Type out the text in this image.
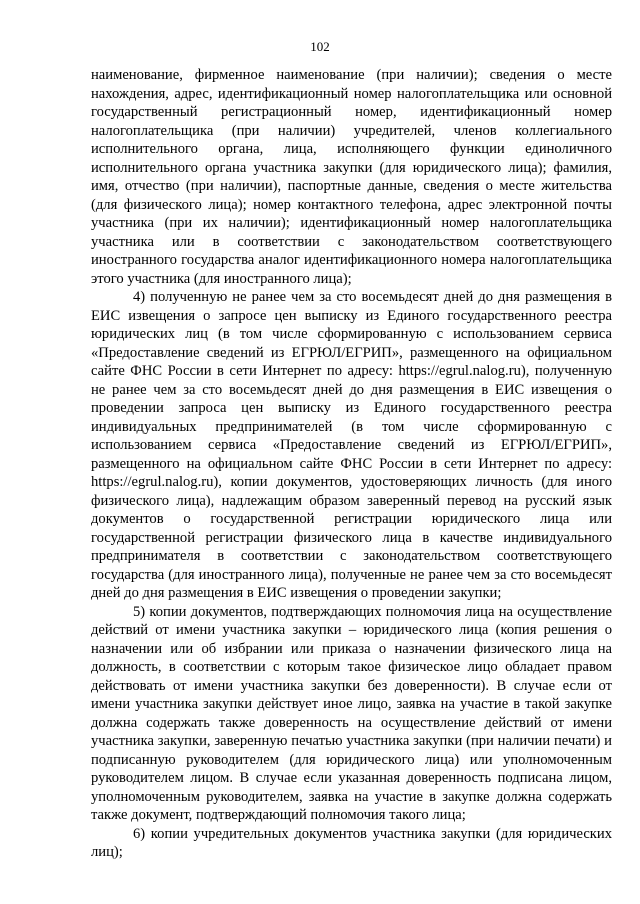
102

наименование, фирменное наименование (при наличии); сведения о месте нахождения, адрес, идентификационный номер налогоплательщика или основной государственный регистрационный номер, идентификационный номер налогоплательщика (при наличии) учредителей, членов коллегиального исполнительного органа, лица, исполняющего функции единоличного исполнительного органа участника закупки (для юридического лица); фамилия, имя, отчество (при наличии), паспортные данные, сведения о месте жительства (для физического лица); номер контактного телефона, адрес электронной почты участника (при их наличии); идентификационный номер налогоплательщика участника или в соответствии с законодательством соответствующего иностранного государства аналог идентификационного номера налогоплательщика этого участника (для иностранного лица);

4) полученную не ранее чем за сто восемьдесят дней до дня размещения в ЕИС извещения о запросе цен выписку из Единого государственного реестра юридических лиц (в том числе сформированную с использованием сервиса «Предоставление сведений из ЕГРЮЛ/ЕГРИП», размещенного на официальном сайте ФНС России в сети Интернет по адресу: https://egrul.nalog.ru), полученную не ранее чем за сто восемьдесят дней до дня размещения в ЕИС извещения о проведении запроса цен выписку из Единого государственного реестра индивидуальных предпринимателей (в том числе сформированную с использованием сервиса «Предоставление сведений из ЕГРЮЛ/ЕГРИП», размещенного на официальном сайте ФНС России в сети Интернет по адресу: https://egrul.nalog.ru), копии документов, удостоверяющих личность (для иного физического лица), надлежащим образом заверенный перевод на русский язык документов о государственной регистрации юридического лица или государственной регистрации физического лица в качестве индивидуального предпринимателя в соответствии с законодательством соответствующего государства (для иностранного лица), полученные не ранее чем за сто восемьдесят дней до дня размещения в ЕИС извещения о проведении закупки;

5) копии документов, подтверждающих полномочия лица на осуществление действий от имени участника закупки – юридического лица (копия решения о назначении или об избрании или приказа о назначении физического лица на должность, в соответствии с которым такое физическое лицо обладает правом действовать от имени участника закупки без доверенности). В случае если от имени участника закупки действует иное лицо, заявка на участие в такой закупке должна содержать также доверенность на осуществление действий от имени участника закупки, заверенную печатью участника закупки (при наличии печати) и подписанную руководителем (для юридического лица) или уполномоченным руководителем лицом. В случае если указанная доверенность подписана лицом, уполномоченным руководителем, заявка на участие в закупке должна содержать также документ, подтверждающий полномочия такого лица;

6) копии учредительных документов участника закупки (для юридических лиц);
